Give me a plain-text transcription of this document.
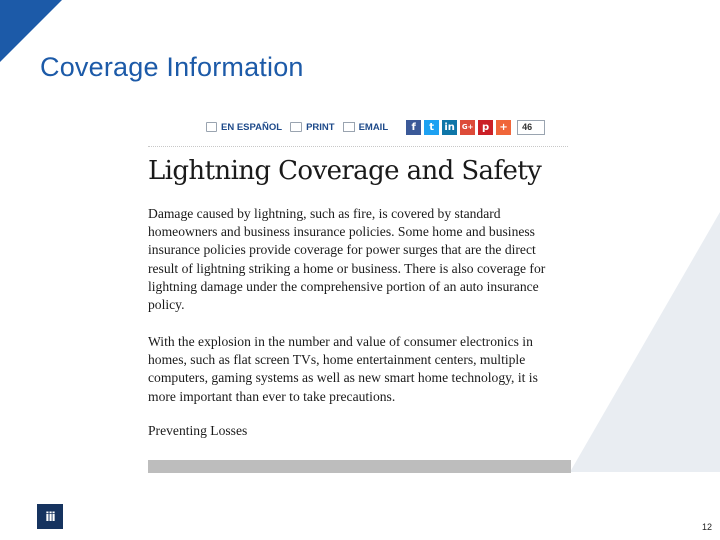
Coverage Information
EN ESPAÑOL	PRINT	EMAIL	f	t	in G+ p	+	46
Lightning Coverage and Safety

Damage caused by lightning, such as fire, is covered by standard homeowners and business insurance policies. Some home and business insurance policies provide coverage for power surges that are the direct result of lightning striking a home or business. There is also coverage for lightning damage under the comprehensive portion of an auto insurance policy.

With the explosion in the number and value of consumer electronics in homes, such as flat screen TVs, home entertainment centers, multiple computers, gaming systems as well as new smart home technology, it is more important than ever to take precautions.

Preventing Losses
iii
12
